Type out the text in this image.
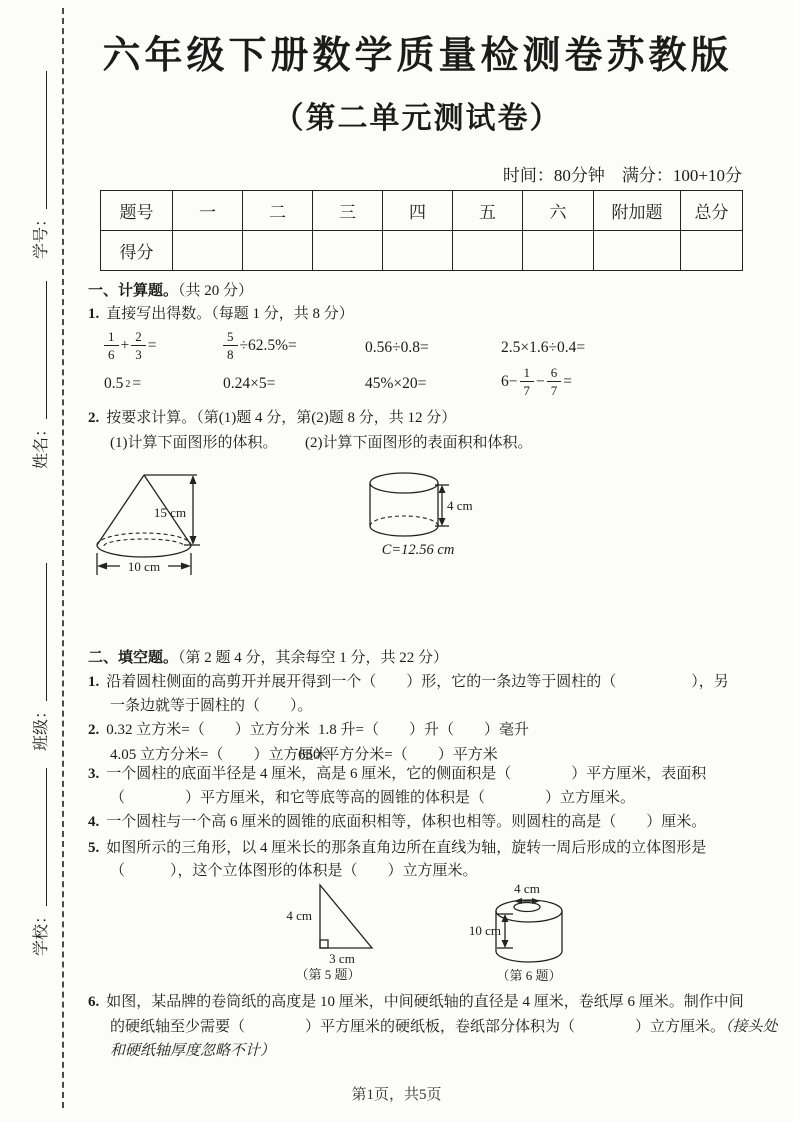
学号：
姓名：
班级：
学校：
六年级下册数学质量检测卷苏教版
（第二单元测试卷）
时间：80分钟　满分：100+10分
题号	一	二	三	四	五	六	附加题	总分
得分								
一、计算题。（共 20 分）
1. 直接写出得数。（每题 1 分，共 8 分）
$\frac{1}{6} + \frac{2}{3}$ =	$\frac{5}{8} \div 62.5\%=$	0.56÷0.8=	2.5×1.6÷0.4=
0.5 2 =	0.24×5=	45%×20=	$6- \frac{1}{7} - \frac{6}{7}$ =
2. 按要求计算。（第(1)题 4 分，第(2)题 8 分，共 12 分）
(1)计算下面图形的体积。 (2)计算下面图形的表面积和体积。
15 cm
10 cm
4 cm
C=12.56 cm
二、填空题。（第 2 题 4 分，其余每空 1 分，共 22 分）
1. 沿着圆柱侧面的高剪开并展开得到一个（　　）形，它的一条边等于圆柱的（　　　　　），另
一条边就等于圆柱的（　　）。
2. 0.32 立方米=（　　）立方分米 1.8 升=（　　）升（　　）毫升
4.05 立方分米=（　　）立方厘米
650 平方分米=（　　）平方米
3. 一个圆柱的底面半径是 4 厘米，高是 6 厘米，它的侧面积是（　　　　）平方厘米，表面积
（　　　　）平方厘米，和它等底等高的圆锥的体积是（　　　　）立方厘米。
4. 一个圆柱与一个高 6 厘米的圆锥的底面积相等，体积也相等。则圆柱的高是（　　）厘米。
5. 如图所示的三角形，以 4 厘米长的那条直角边所在直线为轴，旋转一周后形成的立体图形是
（　　　），这个立体图形的体积是（　　）立方厘米。
4 cm
3 cm
（第 5 题）
4 cm
10 cm
（第 6 题）
6. 如图，某品牌的卷筒纸的高度是 10 厘米，中间硬纸轴的直径是 4 厘米，卷纸厚 6 厘米。制作中间
的硬纸轴至少需要（　　　　）平方厘米的硬纸板，卷纸部分体积为（　　　　）立方厘米。（接头处
和硬纸轴厚度忽略不计）
第1页，共5页
